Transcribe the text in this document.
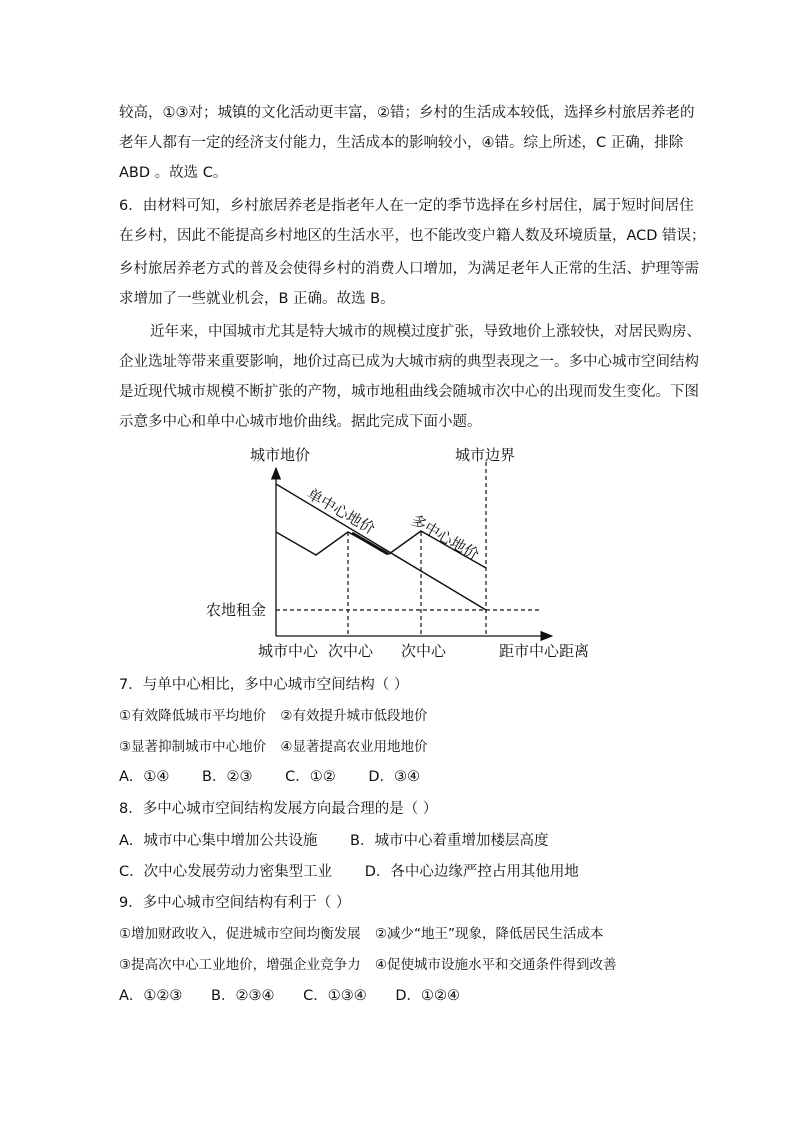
较高，①③对；城镇的文化活动更丰富，②错；乡村的生活成本较低，选择乡村旅居养老的
老年人都有一定的经济支付能力，生活成本的影响较小，④错。综上所述，C 正确，排除
ABD 。故选 C。
6．由材料可知，乡村旅居养老是指老年人在一定的季节选择在乡村居住，属于短时间居住
在乡村，因此不能提高乡村地区的生活水平，也不能改变户籍人数及环境质量，ACD 错误；
乡村旅居养老方式的普及会使得乡村的消费人口增加，为满足老年人正常的生活、护理等需
求增加了一些就业机会，B 正确。故选 B。
近年来，中国城市尤其是特大城市的规模过度扩张，导致地价上涨较快，对居民购房、
企业选址等带来重要影响，地价过高已成为大城市病的典型表现之一。多中心城市空间结构
是近现代城市规模不断扩张的产物，城市地租曲线会随城市次中心的出现而发生变化。下图
示意多中心和单中心城市地价曲线。据此完成下面小题。
城市地价	城市边界
农地租金
城市中心 次中心 次中心	距市中心距离
单中心地价 多中心地价
7．与单中心相比，多中心城市空间结构（ ）
①有效降低城市平均地价 ②有效提升城市低段地价
③显著抑制城市中心地价 ④显著提高农业用地地价
A．①④ B．②③ C．①② D．③④
8．多中心城市空间结构发展方向最合理的是（ ）
A．城市中心集中增加公共设施 B．城市中心着重增加楼层高度
C．次中心发展劳动力密集型工业 D．各中心边缘严控占用其他用地
9．多中心城市空间结构有利于（ ）
①增加财政收入，促进城市空间均衡发展 ②减少“地王”现象，降低居民生活成本
③提高次中心工业地价，增强企业竞争力 ④促使城市设施水平和交通条件得到改善
A．①②③ B．②③④ C．①③④ D．①②④
